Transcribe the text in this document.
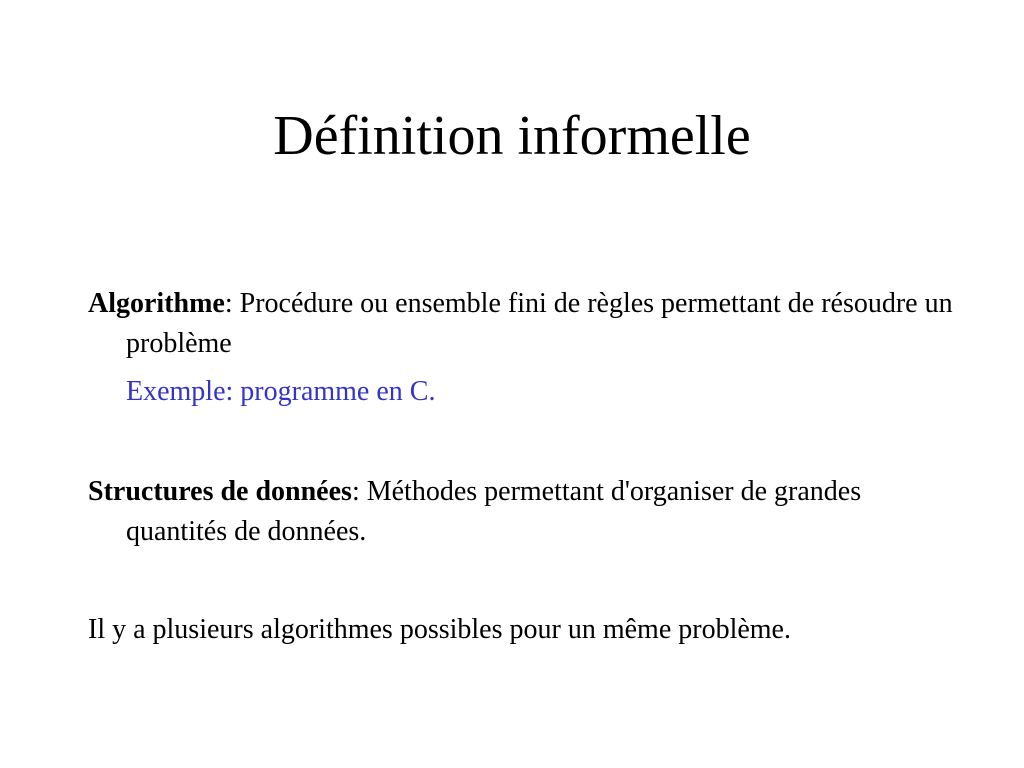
Définition informelle

Algorithme: Procédure ou ensemble fini de règles permettant de résoudre un problème

Exemple: programme en C.

Structures de données: Méthodes permettant d'organiser de grandes quantités de données.

Il y a plusieurs algorithmes possibles pour un même problème.
